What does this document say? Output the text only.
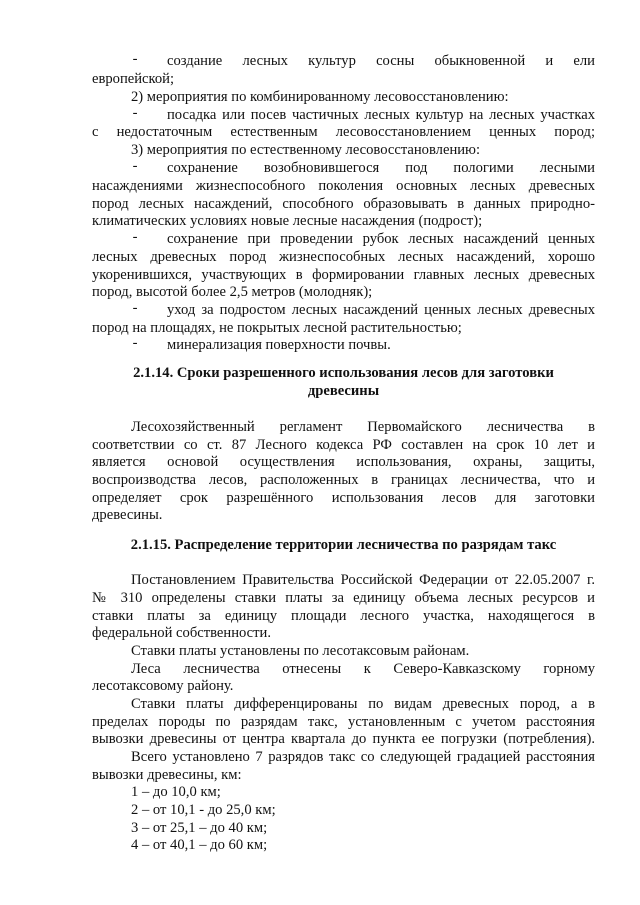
-	создание лесных культур сосны обыкновенной и ели
европейской;
2) мероприятия по комбинированному лесовосстановлению:
-	посадка или посев частичных лесных культур на лесных участках
с недостаточным естественным лесовосстановлением ценных пород;
3) мероприятия по естественному лесовосстановлению:
-	сохранение возобновившегося под пологими лесными
насаждениями жизнеспособного поколения основных лесных древесных
пород лесных насаждений, способного образовывать в данных природно-
климатических условиях новые лесные насаждения (подрост);
-	сохранение при проведении рубок лесных насаждений ценных
лесных древесных пород жизнеспособных лесных насаждений, хорошо
укоренившихся, участвующих в формировании главных лесных древесных
пород, высотой более 2,5 метров (молодняк);
-	уход за подростом лесных насаждений ценных лесных древесных
пород на площадях, не покрытых лесной растительностью;
-	минерализация поверхности почвы.
2.1.14. Сроки разрешенного использования лесов для заготовки
древесины
Лесохозяйственный регламент Первомайского лесничества в
соответствии со ст. 87 Лесного кодекса РФ составлен на срок 10 лет и
является основой осуществления использования, охраны, защиты,
воспроизводства лесов, расположенных в границах лесничества, что и
определяет срок разрешённого использования лесов для заготовки
древесины.
2.1.15. Распределение территории лесничества по разрядам такс
Постановлением Правительства Российской Федерации от 22.05.2007 г.
№ 310 определены ставки платы за единицу объема лесных ресурсов и
ставки платы за единицу площади лесного участка, находящегося в
федеральной собственности.
Ставки платы установлены по лесотаксовым районам.
Леса лесничества отнесены к Северо-Кавказскому горному
лесотаксовому району.
Ставки платы дифференцированы по видам древесных пород, а в
пределах породы по разрядам такс, установленным с учетом расстояния
вывозки древесины от центра квартала до пункта ее погрузки (потребления).
Всего установлено 7 разрядов такс со следующей градацией расстояния
вывозки древесины, км:
1 – до 10,0 км;
2 – от 10,1 - до 25,0 км;
3 – от 25,1 – до 40 км;
4 – от 40,1 – до 60 км;
